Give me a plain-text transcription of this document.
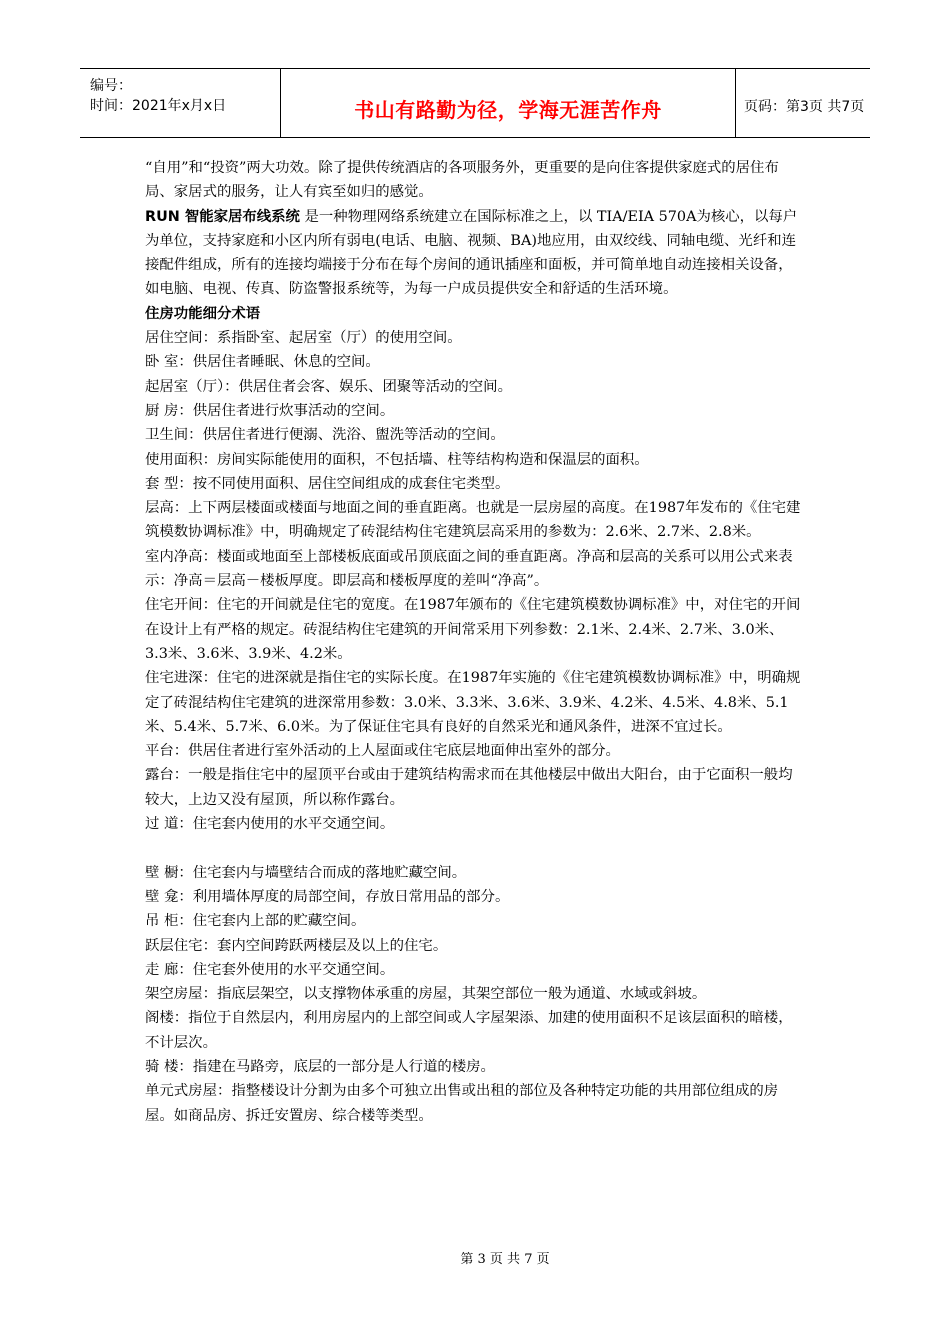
编号：
时间：2021年x月x日	书山有路勤为径，学海无涯苦作舟	页码：第3页 共7页

“自用”和“投资”两大功效。除了提供传统酒店的各项服务外，更重要的是向住客提供家庭式的居住布局、家居式的服务，让人有宾至如归的感觉。

RUN 智能家居布线系统 是一种物理网络系统建立在国际标准之上，以 TIA/EIA 570A为核心，以每户为单位，支持家庭和小区内所有弱电(电话、电脑、视频、BA)地应用，由双绞线、同轴电缆、光纤和连接配件组成，所有的连接均端接于分布在每个房间的通讯插座和面板，并可简单地自动连接相关设备，如电脑、电视、传真、防盗警报系统等，为每一户成员提供安全和舒适的生活环境。

住房功能细分术语

居住空间：系指卧室、起居室（厅）的使用空间。

卧 室：供居住者睡眠、休息的空间。

起居室（厅）：供居住者会客、娱乐、团聚等活动的空间。

厨 房：供居住者进行炊事活动的空间。

卫生间：供居住者进行便溺、洗浴、盥洗等活动的空间。

使用面积：房间实际能使用的面积，不包括墙、柱等结构构造和保温层的面积。

套 型：按不同使用面积、居住空间组成的成套住宅类型。

层高：上下两层楼面或楼面与地面之间的垂直距离。也就是一层房屋的高度。在1987年发布的《住宅建筑模数协调标准》中，明确规定了砖混结构住宅建筑层高采用的参数为：2.6米、2.7米、2.8米。

室内净高：楼面或地面至上部楼板底面或吊顶底面之间的垂直距离。净高和层高的关系可以用公式来表示：净高＝层高－楼板厚度。即层高和楼板厚度的差叫“净高”。

住宅开间：住宅的开间就是住宅的宽度。在1987年颁布的《住宅建筑模数协调标准》中，对住宅的开间在设计上有严格的规定。砖混结构住宅建筑的开间常采用下列参数：2.1米、2.4米、2.7米、3.0米、3.3米、3.6米、3.9米、4.2米。

住宅进深：住宅的进深就是指住宅的实际长度。在1987年实施的《住宅建筑模数协调标准》中，明确规定了砖混结构住宅建筑的进深常用参数：3.0米、3.3米、3.6米、3.9米、4.2米、4.5米、4.8米、5.1米、5.4米、5.7米、6.0米。为了保证住宅具有良好的自然采光和通风条件，进深不宜过长。

平台：供居住者进行室外活动的上人屋面或住宅底层地面伸出室外的部分。

露台：一般是指住宅中的屋顶平台或由于建筑结构需求而在其他楼层中做出大阳台，由于它面积一般均较大，上边又没有屋顶，所以称作露台。

过 道：住宅套内使用的水平交通空间。

壁 橱：住宅套内与墙壁结合而成的落地贮藏空间。

壁 龛：利用墙体厚度的局部空间，存放日常用品的部分。

吊 柜：住宅套内上部的贮藏空间。

跃层住宅：套内空间跨跃两楼层及以上的住宅。

走 廊：住宅套外使用的水平交通空间。

架空房屋：指底层架空，以支撑物体承重的房屋，其架空部位一般为通道、水域或斜坡。

阁楼：指位于自然层内，利用房屋内的上部空间或人字屋架添、加建的使用面积不足该层面积的暗楼，不计层次。

骑 楼：指建在马路旁，底层的一部分是人行道的楼房。

单元式房屋：指整楼设计分割为由多个可独立出售或出租的部位及各种特定功能的共用部位组成的房屋。如商品房、拆迁安置房、综合楼等类型。

第 3 页 共 7 页
